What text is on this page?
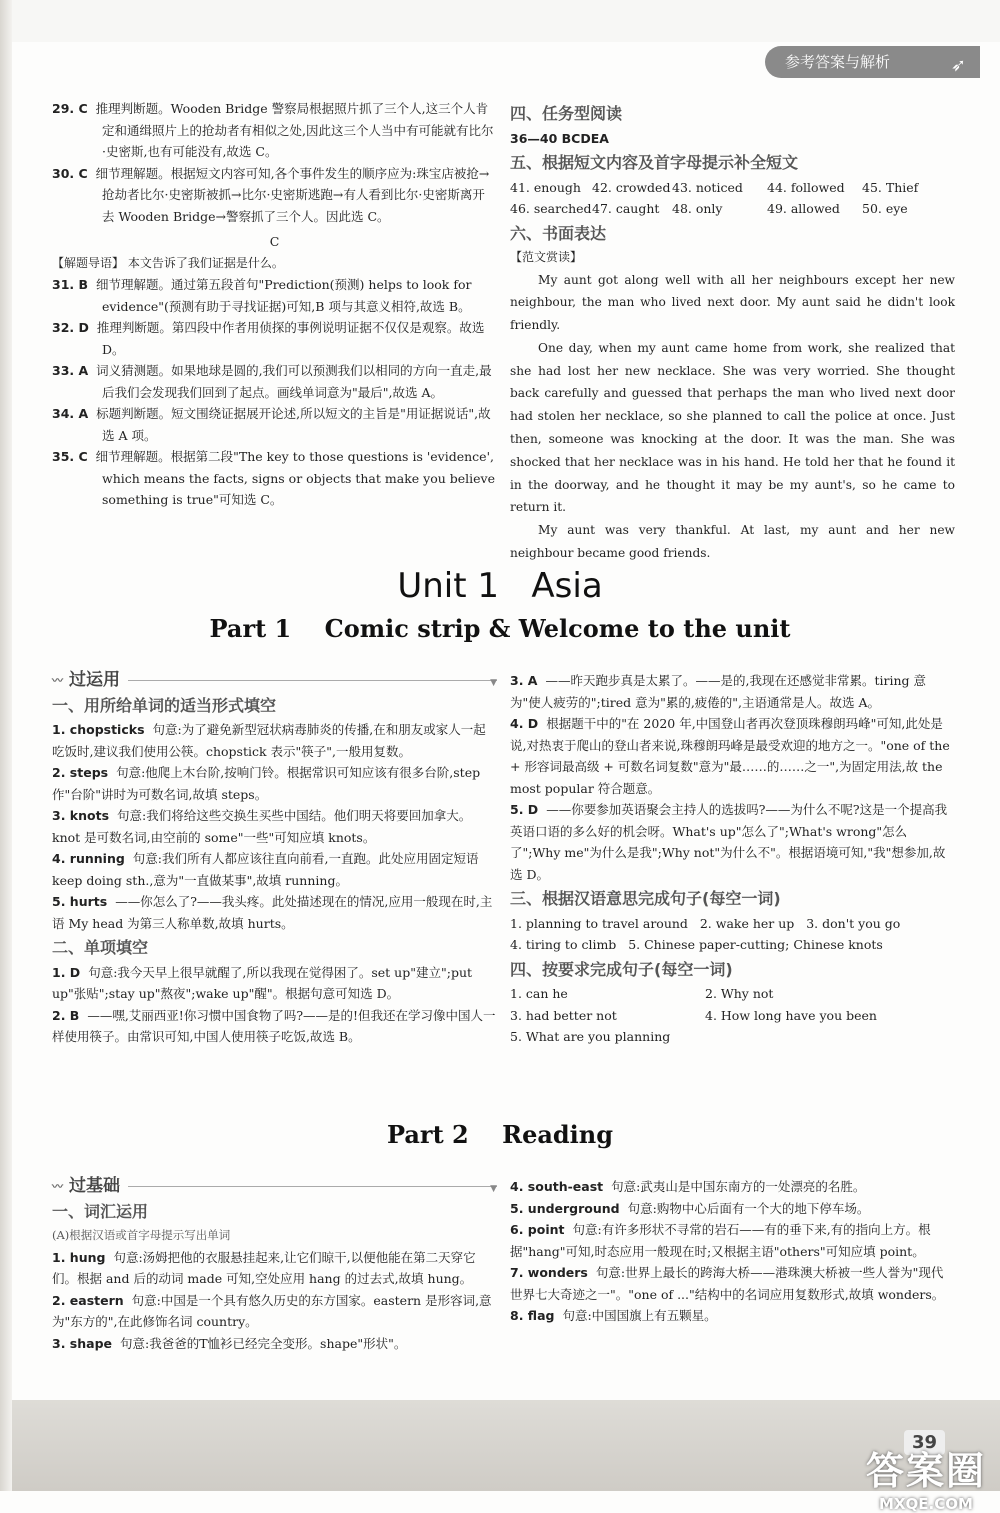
参考答案与解析	➶
29. C 推理判断题。Wooden Bridge 警察局根据照片抓了三个人,这三个人肯定和通缉照片上的抢劫者有相似之处,因此这三个人当中有可能就有比尔·史密斯,也有可能没有,故选 C。
30. C 细节理解题。根据短文内容可知,各个事件发生的顺序应为:珠宝店被抢→抢劫者比尔·史密斯被抓→比尔·史密斯逃跑→有人看到比尔·史密斯离开去 Wooden Bridge→警察抓了三个人。因此选 C。
C
【解题导语】 本文告诉了我们证据是什么。
31. B 细节理解题。通过第五段首句"Prediction(预测) helps to look for evidence"(预测有助于寻找证据)可知,B 项与其意义相符,故选 B。
32. D 推理判断题。第四段中作者用侦探的事例说明证据不仅仅是观察。故选 D。
33. A 词义猜测题。如果地球是圆的,我们可以预测我们以相同的方向一直走,最后我们会发现我们回到了起点。画线单词意为"最后",故选 A。
34. A 标题判断题。短文围绕证据展开论述,所以短文的主旨是"用证据说话",故选 A 项。
35. C 细节理解题。根据第二段"The key to those questions is 'evidence', which means the facts, signs or objects that make you believe something is true"可知选 C。
四、任务型阅读
36—40 BCDEA
五、根据短文内容及首字母提示补全短文
41. enough 42. crowded 43. noticed	44. followed	45. Thief
46. searched 47. caught	48. only	49. allowed	50. eye
六、书面表达
【范文赏读】

My aunt got along well with all her neighbours except her new neighbour, the man who lived next door. My aunt said he didn't look friendly.

One day, when my aunt came home from work, she realized that she had lost her new necklace. She was very worried. She thought back carefully and guessed that perhaps the man who lived next door had stolen her necklace, so she planned to call the police at once. Just then, someone was knocking at the door. It was the man. She was shocked that her necklace was in his hand. He told her that he found it in the doorway, and he thought it may be my aunt's, so he came to return it.

My aunt was very thankful. At last, my aunt and her new neighbour became good friends.

Unit 1   Asia
Part 1    Comic strip & Welcome to the unit
〰 过运用
▼
一、用所给单词的适当形式填空
1. chopsticks 句意:为了避免新型冠状病毒肺炎的传播,在和朋友或家人一起吃饭时,建议我们使用公筷。chopstick 表示"筷子",一般用复数。
2. steps 句意:他爬上木台阶,按响门铃。根据常识可知应该有很多台阶,step 作"台阶"讲时为可数名词,故填 steps。
3. knots 句意:我们将给这些交换生买些中国结。他们明天将要回加拿大。knot 是可数名词,由空前的 some"一些"可知应填 knots。
4. running 句意:我们所有人都应该往直向前看,一直跑。此处应用固定短语 keep doing sth.,意为"一直做某事",故填 running。
5. hurts ——你怎么了?——我头疼。此处描述现在的情况,应用一般现在时,主语 My head 为第三人称单数,故填 hurts。
二、单项填空
1. D 句意:我今天早上很早就醒了,所以我现在觉得困了。set up"建立";put up"张贴";stay up"熬夜";wake up"醒"。根据句意可知选 D。
2. B ——嘿,艾丽西亚!你习惯中国食物了吗?——是的!但我还在学习像中国人一样使用筷子。由常识可知,中国人使用筷子吃饭,故选 B。
3. A ——昨天跑步真是太累了。——是的,我现在还感觉非常累。tiring 意为"使人疲劳的";tired 意为"累的,疲倦的",主语通常是人。故选 A。
4. D 根据题干中的"在 2020 年,中国登山者再次登顶珠穆朗玛峰"可知,此处是说,对热衷于爬山的登山者来说,珠穆朗玛峰是最受欢迎的地方之一。"one of the + 形容词最高级 + 可数名词复数"意为"最……的……之一",为固定用法,故 the most popular 符合题意。
5. D ——你要参加英语聚会主持人的选拔吗?——为什么不呢?这是一个提高我英语口语的多么好的机会呀。What's up"怎么了";What's wrong"怎么了";Why me"为什么是我";Why not"为什么不"。根据语境可知,"我"想参加,故选 D。
三、根据汉语意思完成句子(每空一词)
1. planning to travel around   2. wake her up   3. don't you go
4. tiring to climb   5. Chinese paper-cutting; Chinese knots
四、按要求完成句子(每空一词)
1. can he	2. Why not
3. had better not	4. How long have you been
5. What are you planning
Part 2    Reading
〰 过基础
▼
一、词汇运用
(A)根据汉语或首字母提示写出单词
1. hung 句意:汤姆把他的衣服悬挂起来,让它们晾干,以便他能在第二天穿它们。根据 and 后的动词 made 可知,空处应用 hang 的过去式,故填 hung。
2. eastern 句意:中国是一个具有悠久历史的东方国家。eastern 是形容词,意为"东方的",在此修饰名词 country。
3. shape 句意:我爸爸的T恤衫已经完全变形。shape"形状"。
4. south-east 句意:武夷山是中国东南方的一处漂亮的名胜。
5. underground 句意:购物中心后面有一个大的地下停车场。
6. point 句意:有许多形状不寻常的岩石——有的垂下来,有的指向上方。根据"hang"可知,时态应用一般现在时;又根据主语"others"可知应填 point。
7. wonders 句意:世界上最长的跨海大桥——港珠澳大桥被一些人誉为"现代世界七大奇迹之一"。"one of ..."结构中的名词应用复数形式,故填 wonders。
8. flag 句意:中国国旗上有五颗星。
39
答案圈
MXQE.COM
